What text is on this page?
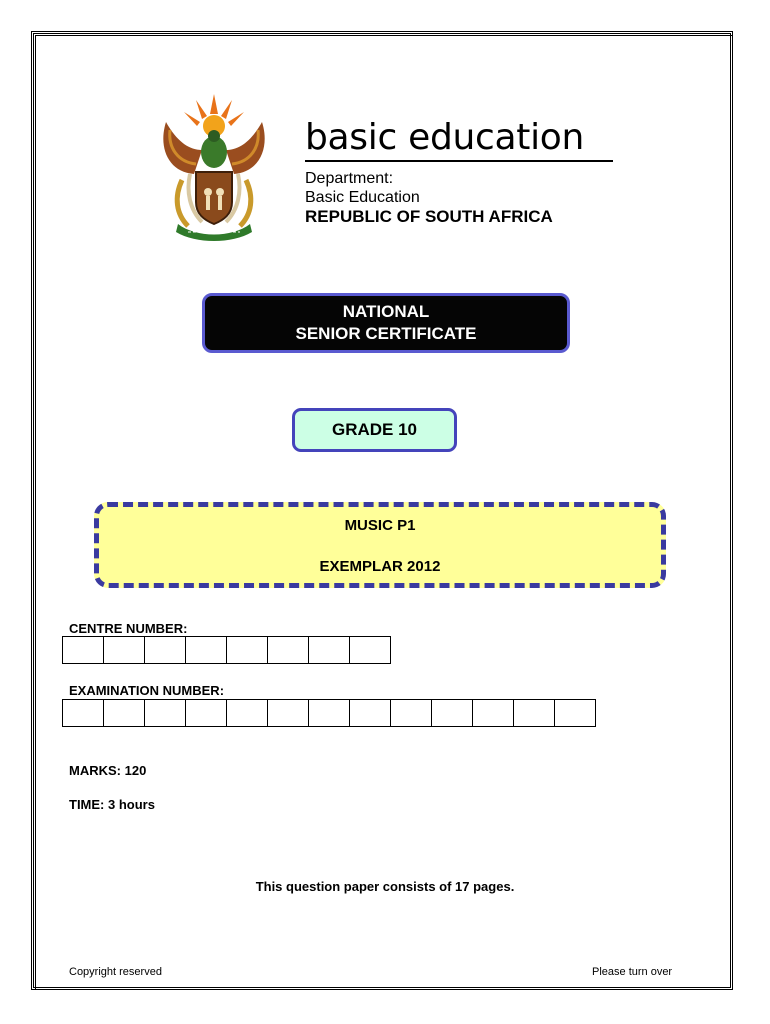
basic education
Department:
Basic Education
REPUBLIC OF SOUTH AFRICA
NATIONAL
SENIOR CERTIFICATE
GRADE 10
MUSIC P1
EXEMPLAR 2012
CENTRE NUMBER:
EXAMINATION NUMBER:
MARKS: 120
TIME: 3 hours
This question paper consists of 17 pages.
Copyright reserved	Please turn over
